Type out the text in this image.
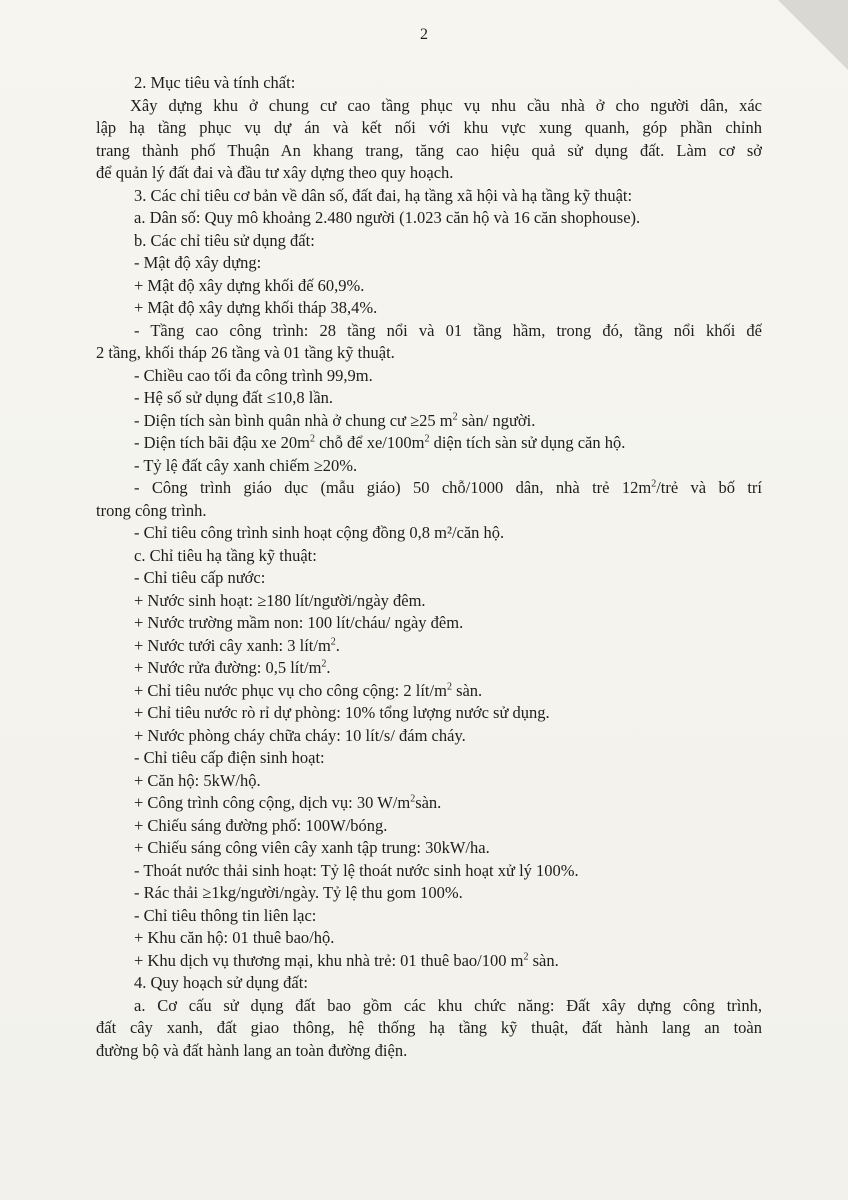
2
2. Mục tiêu và tính chất:
Xây dựng khu ở chung cư cao tầng phục vụ nhu cầu nhà ở cho người dân, xác
lập hạ tầng phục vụ dự án và kết nối với khu vực xung quanh, góp phần chỉnh
trang thành phố Thuận An khang trang, tăng cao hiệu quả sử dụng đất. Làm cơ sở
để quản lý đất đai và đầu tư xây dựng theo quy hoạch.
3. Các chỉ tiêu cơ bản về dân số, đất đai, hạ tầng xã hội và hạ tầng kỹ thuật:
a. Dân số: Quy mô khoảng 2.480 người (1.023 căn hộ và 16 căn shophouse).
b. Các chỉ tiêu sử dụng đất:
- Mật độ xây dựng:
+ Mật độ xây dựng khối đế 60,9%.
+ Mật độ xây dựng khối tháp 38,4%.
- Tầng cao công trình: 28 tầng nổi và 01 tầng hầm, trong đó, tầng nổi khối đế
2 tầng, khối tháp 26 tầng và 01 tầng kỹ thuật.
- Chiều cao tối đa công trình 99,9m.
- Hệ số sử dụng đất ≤10,8 lần.
- Diện tích sàn bình quân nhà ở chung cư ≥25 $m^2$ sàn/ người.
- Diện tích bãi đậu xe $20m^2$ chỗ để $xe/100m^2$ diện tích sàn sử dụng căn hộ.
- Tỷ lệ đất cây xanh chiếm ≥20%.
- Công trình giáo dục (mẫu giáo) 50 chỗ/1000 dân, nhà trẻ $12m^2$/trẻ và bố trí
trong công trình.
- Chỉ tiêu công trình sinh hoạt cộng đồng 0,8 m²/căn hộ.
c. Chỉ tiêu hạ tầng kỹ thuật:
- Chỉ tiêu cấp nước:
+ Nước sinh hoạt: ≥180 lít/người/ngày đêm.
+ Nước trường mầm non: 100 lít/cháu/ ngày đêm.
+ Nước tưới cây xanh: 3 lít/$m^2$.
+ Nước rửa đường: 0,5 lít/$m^2$.
+ Chỉ tiêu nước phục vụ cho công cộng: 2 lít/$m^2$ sàn.
+ Chỉ tiêu nước rò rỉ dự phòng: 10% tổng lượng nước sử dụng.
+ Nước phòng cháy chữa cháy: 10 lít/s/ đám cháy.
- Chỉ tiêu cấp điện sinh hoạt:
+ Căn hộ: 5kW/hộ.
+ Công trình công cộng, dịch vụ: 30 $W/m^2sàn$.
+ Chiếu sáng đường phố: 100W/bóng.
+ Chiếu sáng công viên cây xanh tập trung: 30kW/ha.
- Thoát nước thải sinh hoạt: Tỷ lệ thoát nước sinh hoạt xử lý 100%.
- Rác thải ≥1kg/người/ngày. Tỷ lệ thu gom 100%.
- Chỉ tiêu thông tin liên lạc:
+ Khu căn hộ: 01 thuê bao/hộ.
+ Khu dịch vụ thương mại, khu nhà trẻ: 01 thuê bao/100 $m^2$ sàn.
4. Quy hoạch sử dụng đất:
a. Cơ cấu sử dụng đất bao gồm các khu chức năng: Đất xây dựng công trình,
đất cây xanh, đất giao thông, hệ thống hạ tầng kỹ thuật, đất hành lang an toàn
đường bộ và đất hành lang an toàn đường điện.
